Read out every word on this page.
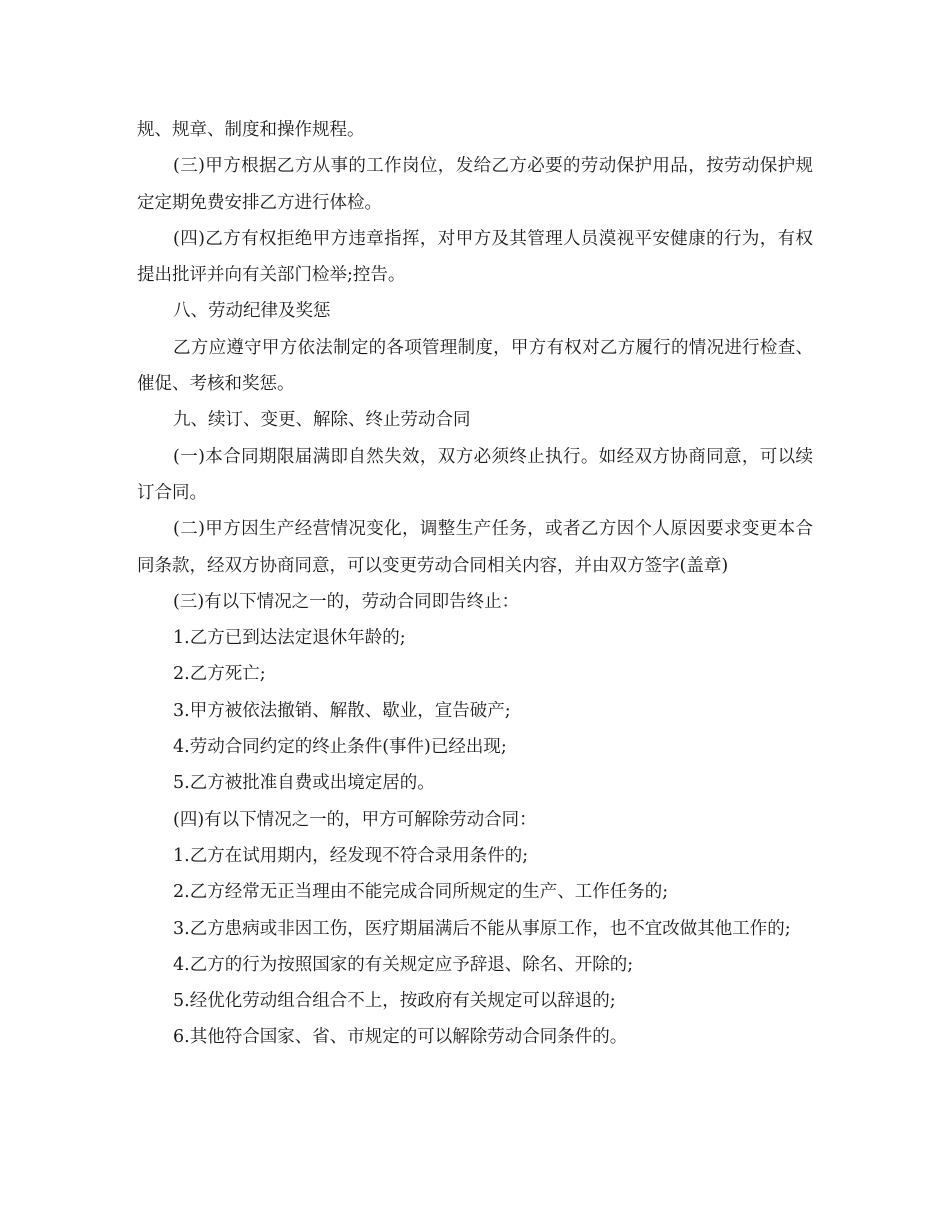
规、规章、制度和操作规程。

(三)甲方根据乙方从事的工作岗位，发给乙方必要的劳动保护用品，按劳动保护规定定期免费安排乙方进行体检。

(四)乙方有权拒绝甲方违章指挥，对甲方及其管理人员漠视平安健康的行为，有权提出批评并向有关部门检举;控告。

八、劳动纪律及奖惩

乙方应遵守甲方依法制定的各项管理制度，甲方有权对乙方履行的情况进行检查、催促、考核和奖惩。

九、续订、变更、解除、终止劳动合同

(一)本合同期限届满即自然失效，双方必须终止执行。如经双方协商同意，可以续订合同。

(二)甲方因生产经营情况变化，调整生产任务，或者乙方因个人原因要求变更本合同条款，经双方协商同意，可以变更劳动合同相关内容，并由双方签字(盖章)

(三)有以下情况之一的，劳动合同即告终止：

1.乙方已到达法定退休年龄的;

2.乙方死亡;

3.甲方被依法撤销、解散、歇业，宣告破产;

4.劳动合同约定的终止条件(事件)已经出现;

5.乙方被批准自费或出境定居的。

(四)有以下情况之一的，甲方可解除劳动合同：

1.乙方在试用期内，经发现不符合录用条件的;

2.乙方经常无正当理由不能完成合同所规定的生产、工作任务的;

3.乙方患病或非因工伤，医疗期届满后不能从事原工作，也不宜改做其他工作的;

4.乙方的行为按照国家的有关规定应予辞退、除名、开除的;

5.经优化劳动组合组合不上，按政府有关规定可以辞退的;

6.其他符合国家、省、市规定的可以解除劳动合同条件的。
